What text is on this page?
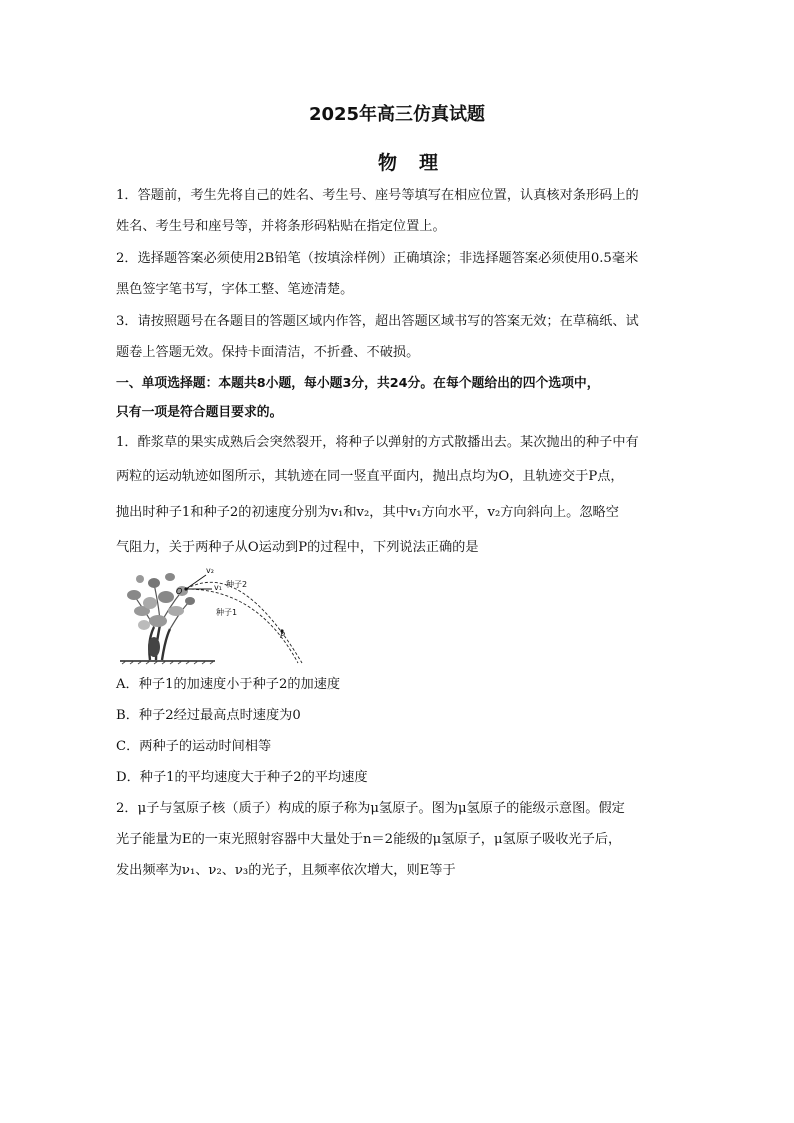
2025年高三仿真试题
物理
1．答题前，考生先将自己的姓名、考生号、座号等填写在相应位置，认真核对条形码上的
姓名、考生号和座号等，并将条形码粘贴在指定位置上。
2．选择题答案必须使用2B铅笔（按填涂样例）正确填涂；非选择题答案必须使用0.5毫米
黑色签字笔书写，字体工整、笔迹清楚。
3．请按照题号在各题目的答题区域内作答，超出答题区域书写的答案无效；在草稿纸、试
题卷上答题无效。保持卡面清洁，不折叠、不破损。
一、单项选择题：本题共8小题，每小题3分，共24分。在每个题给出的四个选项中，
只有一项是符合题目要求的。
1．酢浆草的果实成熟后会突然裂开，将种子以弹射的方式散播出去。某次抛出的种子中有
两粒的运动轨迹如图所示，其轨迹在同一竖直平面内，抛出点均为O，且轨迹交于P点，
抛出时种子1和种子2的初速度分别为v₁和v₂，其中v₁方向水平，v₂方向斜向上。忽略空
气阻力，关于两种子从O运动到P的过程中，下列说法正确的是
v₂
v₁
O
P
种子2
种子1
A．种子1的加速度小于种子2的加速度
B．种子2经过最高点时速度为0
C．两种子的运动时间相等
D．种子1的平均速度大于种子2的平均速度
2．μ子与氢原子核（质子）构成的原子称为μ氢原子。图为μ氢原子的能级示意图。假定
光子能量为E的一束光照射容器中大量处于n＝2能级的μ氢原子，μ氢原子吸收光子后，
发出频率为ν₁、ν₂、ν₃的光子，且频率依次增大，则E等于
